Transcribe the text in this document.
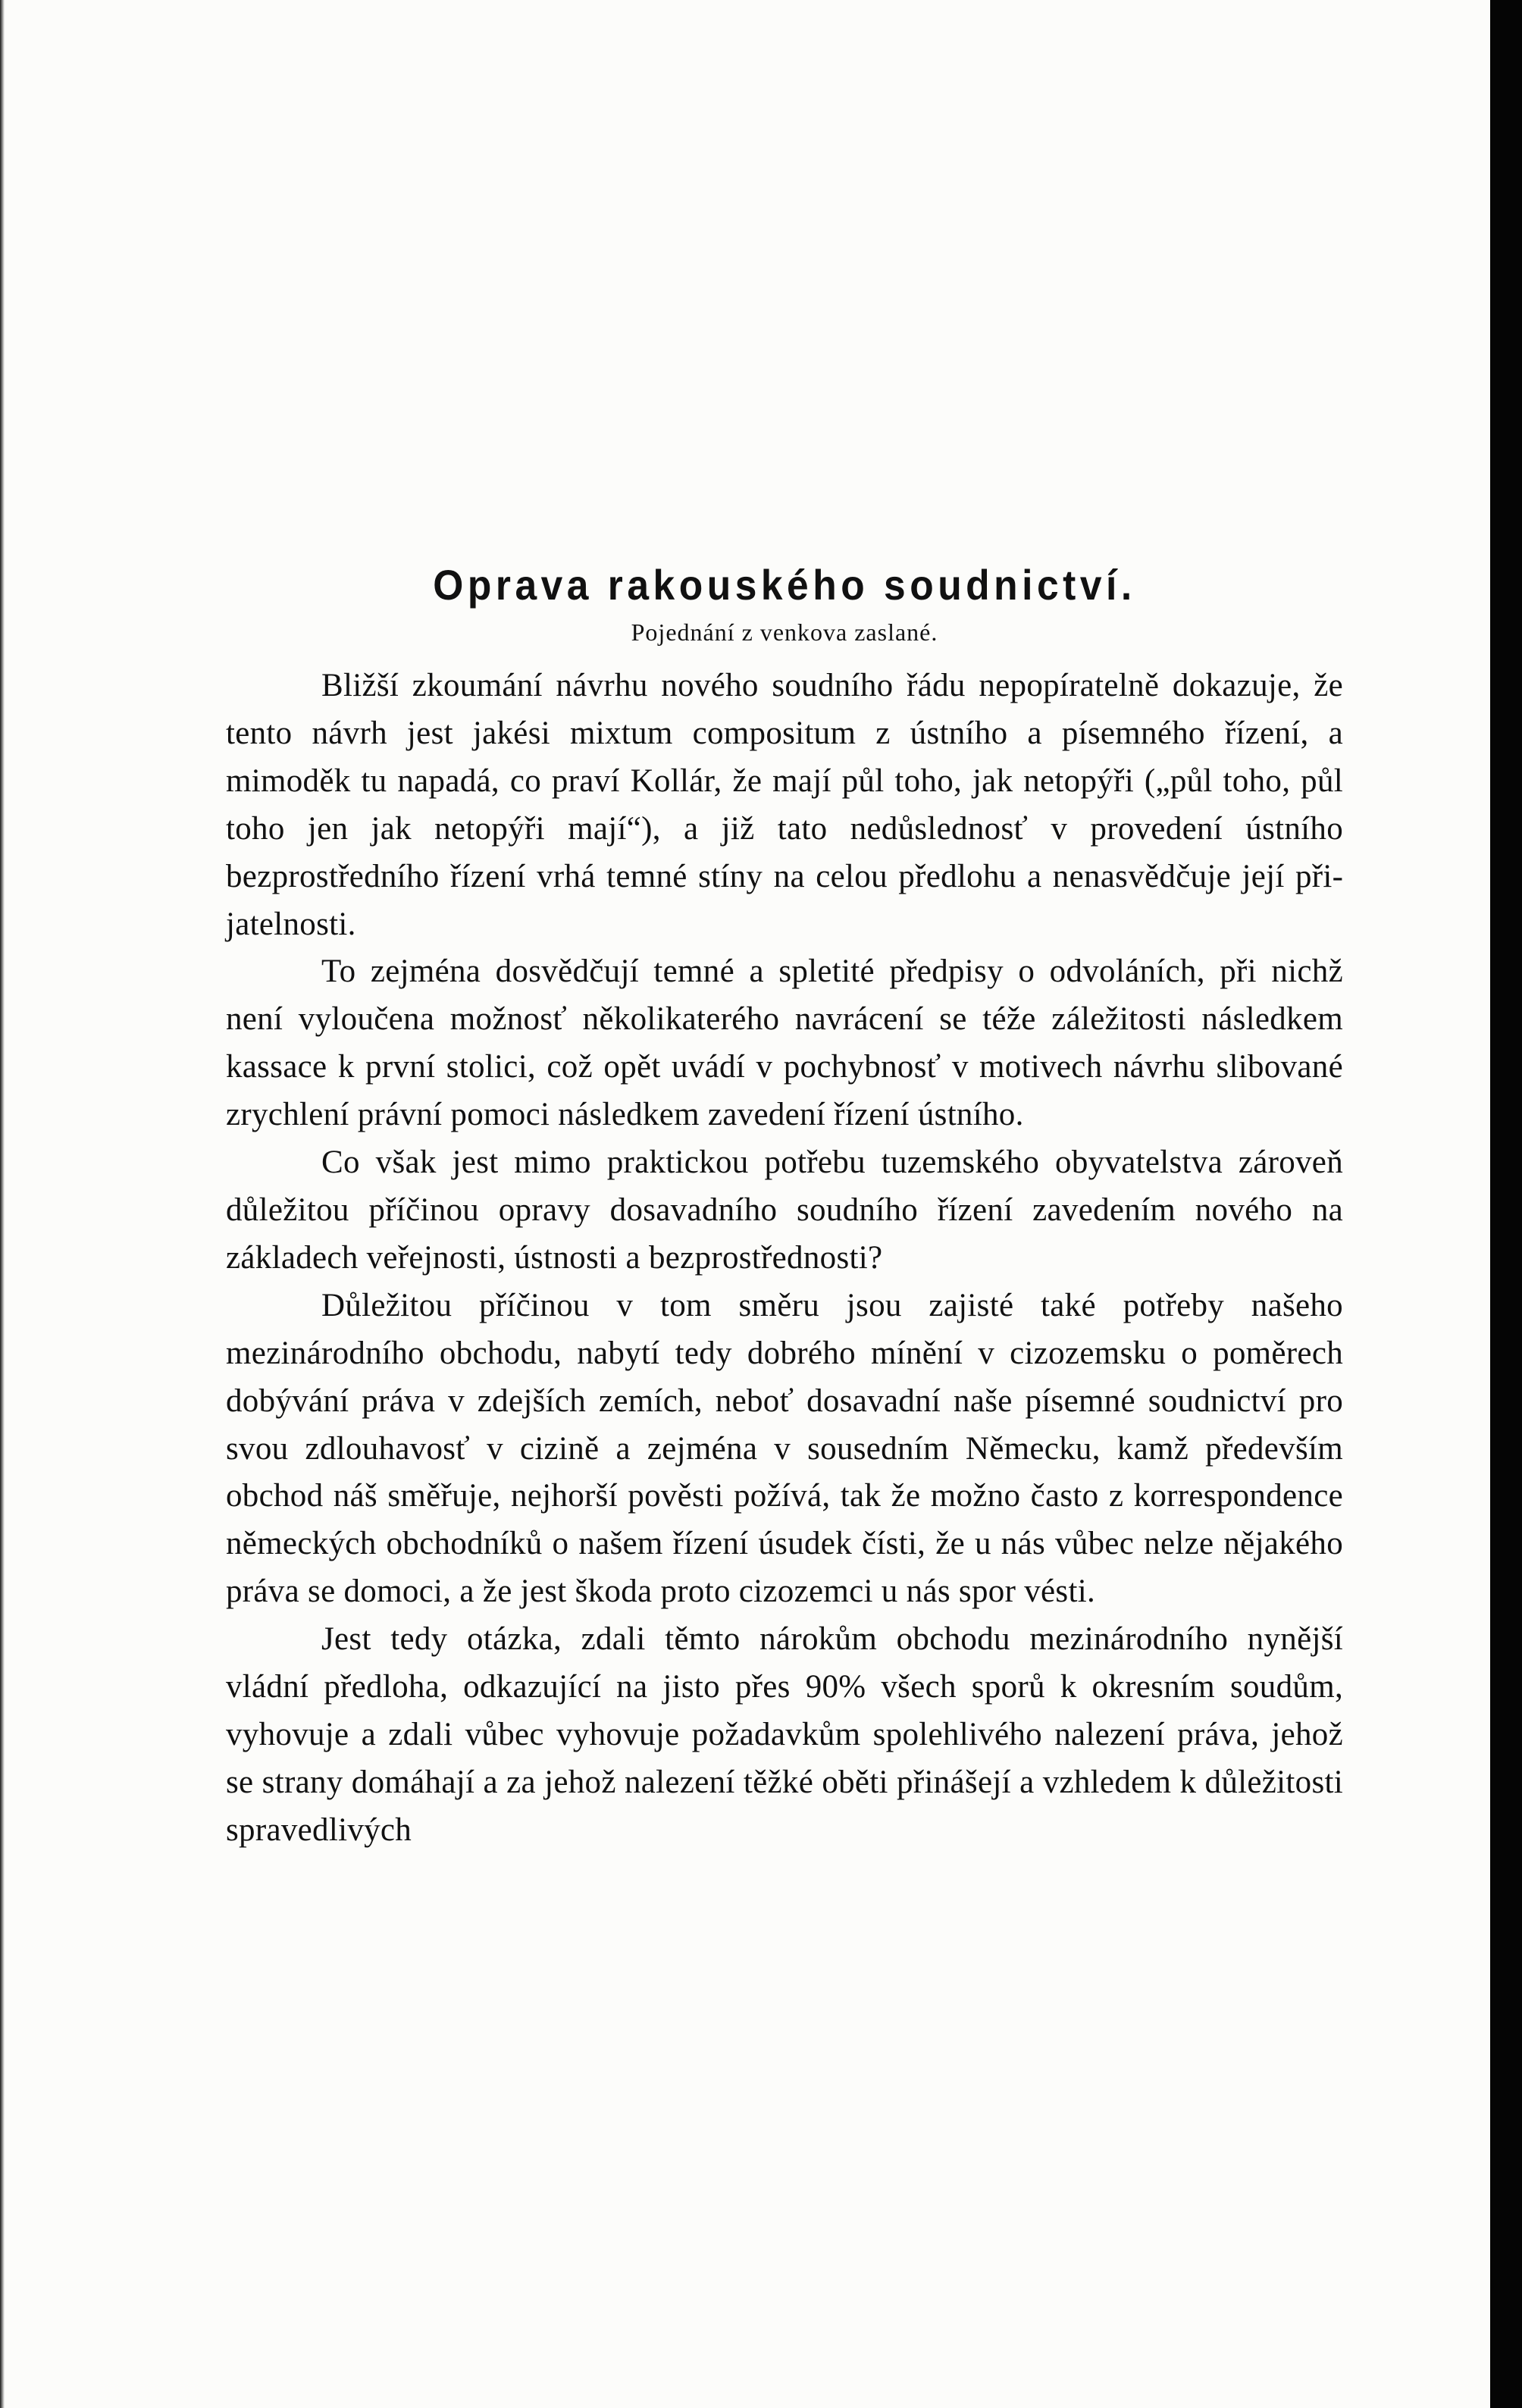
Oprava rakouského soudnictví.
Pojednání z venkova zaslané.

Bližší zkoumání návrhu nového soudního řádu nepopíratelně dokazuje, že tento návrh jest jakési mixtum compositum z ústního a písemného řízení, a mimoděk tu napadá, co praví Kollár, že mají půl toho, jak netopýři („půl toho, půl toho jen jak netopýři mají“), a již tato nedůslednosť v provedení ústního bezprostředního řízení vrhá temné stíny na celou předlohu a nenasvědčuje její přijatelnosti.

To zejména dosvědčují temné a spletité předpisy o odvoláních, při nichž není vyloučena možnosť několikaterého navrácení se téže záležitosti následkem kassace k první stolici, což opět uvádí v pochybnosť v motivech návrhu slibované zrychlení právní pomoci následkem zavedení řízení ústního.

Co však jest mimo praktickou potřebu tuzemského obyvatelstva zároveň důležitou příčinou opravy dosavadního soudního řízení zavedením nového na základech veřejnosti, ústnosti a bezprostřednosti?

Důležitou příčinou v tom směru jsou zajisté také potřeby našeho mezinárodního obchodu, nabytí tedy dobrého mínění v cizozemsku o poměrech dobývání práva v zdejších zemích, neboť dosavadní naše písemné soudnictví pro svou zdlouhavosť v cizině a zejména v sousedním Německu, kamž především obchod náš směřuje, nejhorší pověsti požívá, tak že možno často z korrespondence německých obchodníků o našem řízení úsudek čísti, že u nás vůbec nelze nějakého práva se domoci, a že jest škoda proto cizozemci u nás spor vésti.

Jest tedy otázka, zdali těmto nárokům obchodu mezinárodního nynější vládní předloha, odkazující na jisto přes 90% všech sporů k okresním soudům, vyhovuje a zdali vůbec vyhovuje požadavkům spolehlivého nalezení práva, jehož se strany domáhají a za jehož nalezení těžké oběti přinášejí a vzhledem k důležitosti spravedlivých
